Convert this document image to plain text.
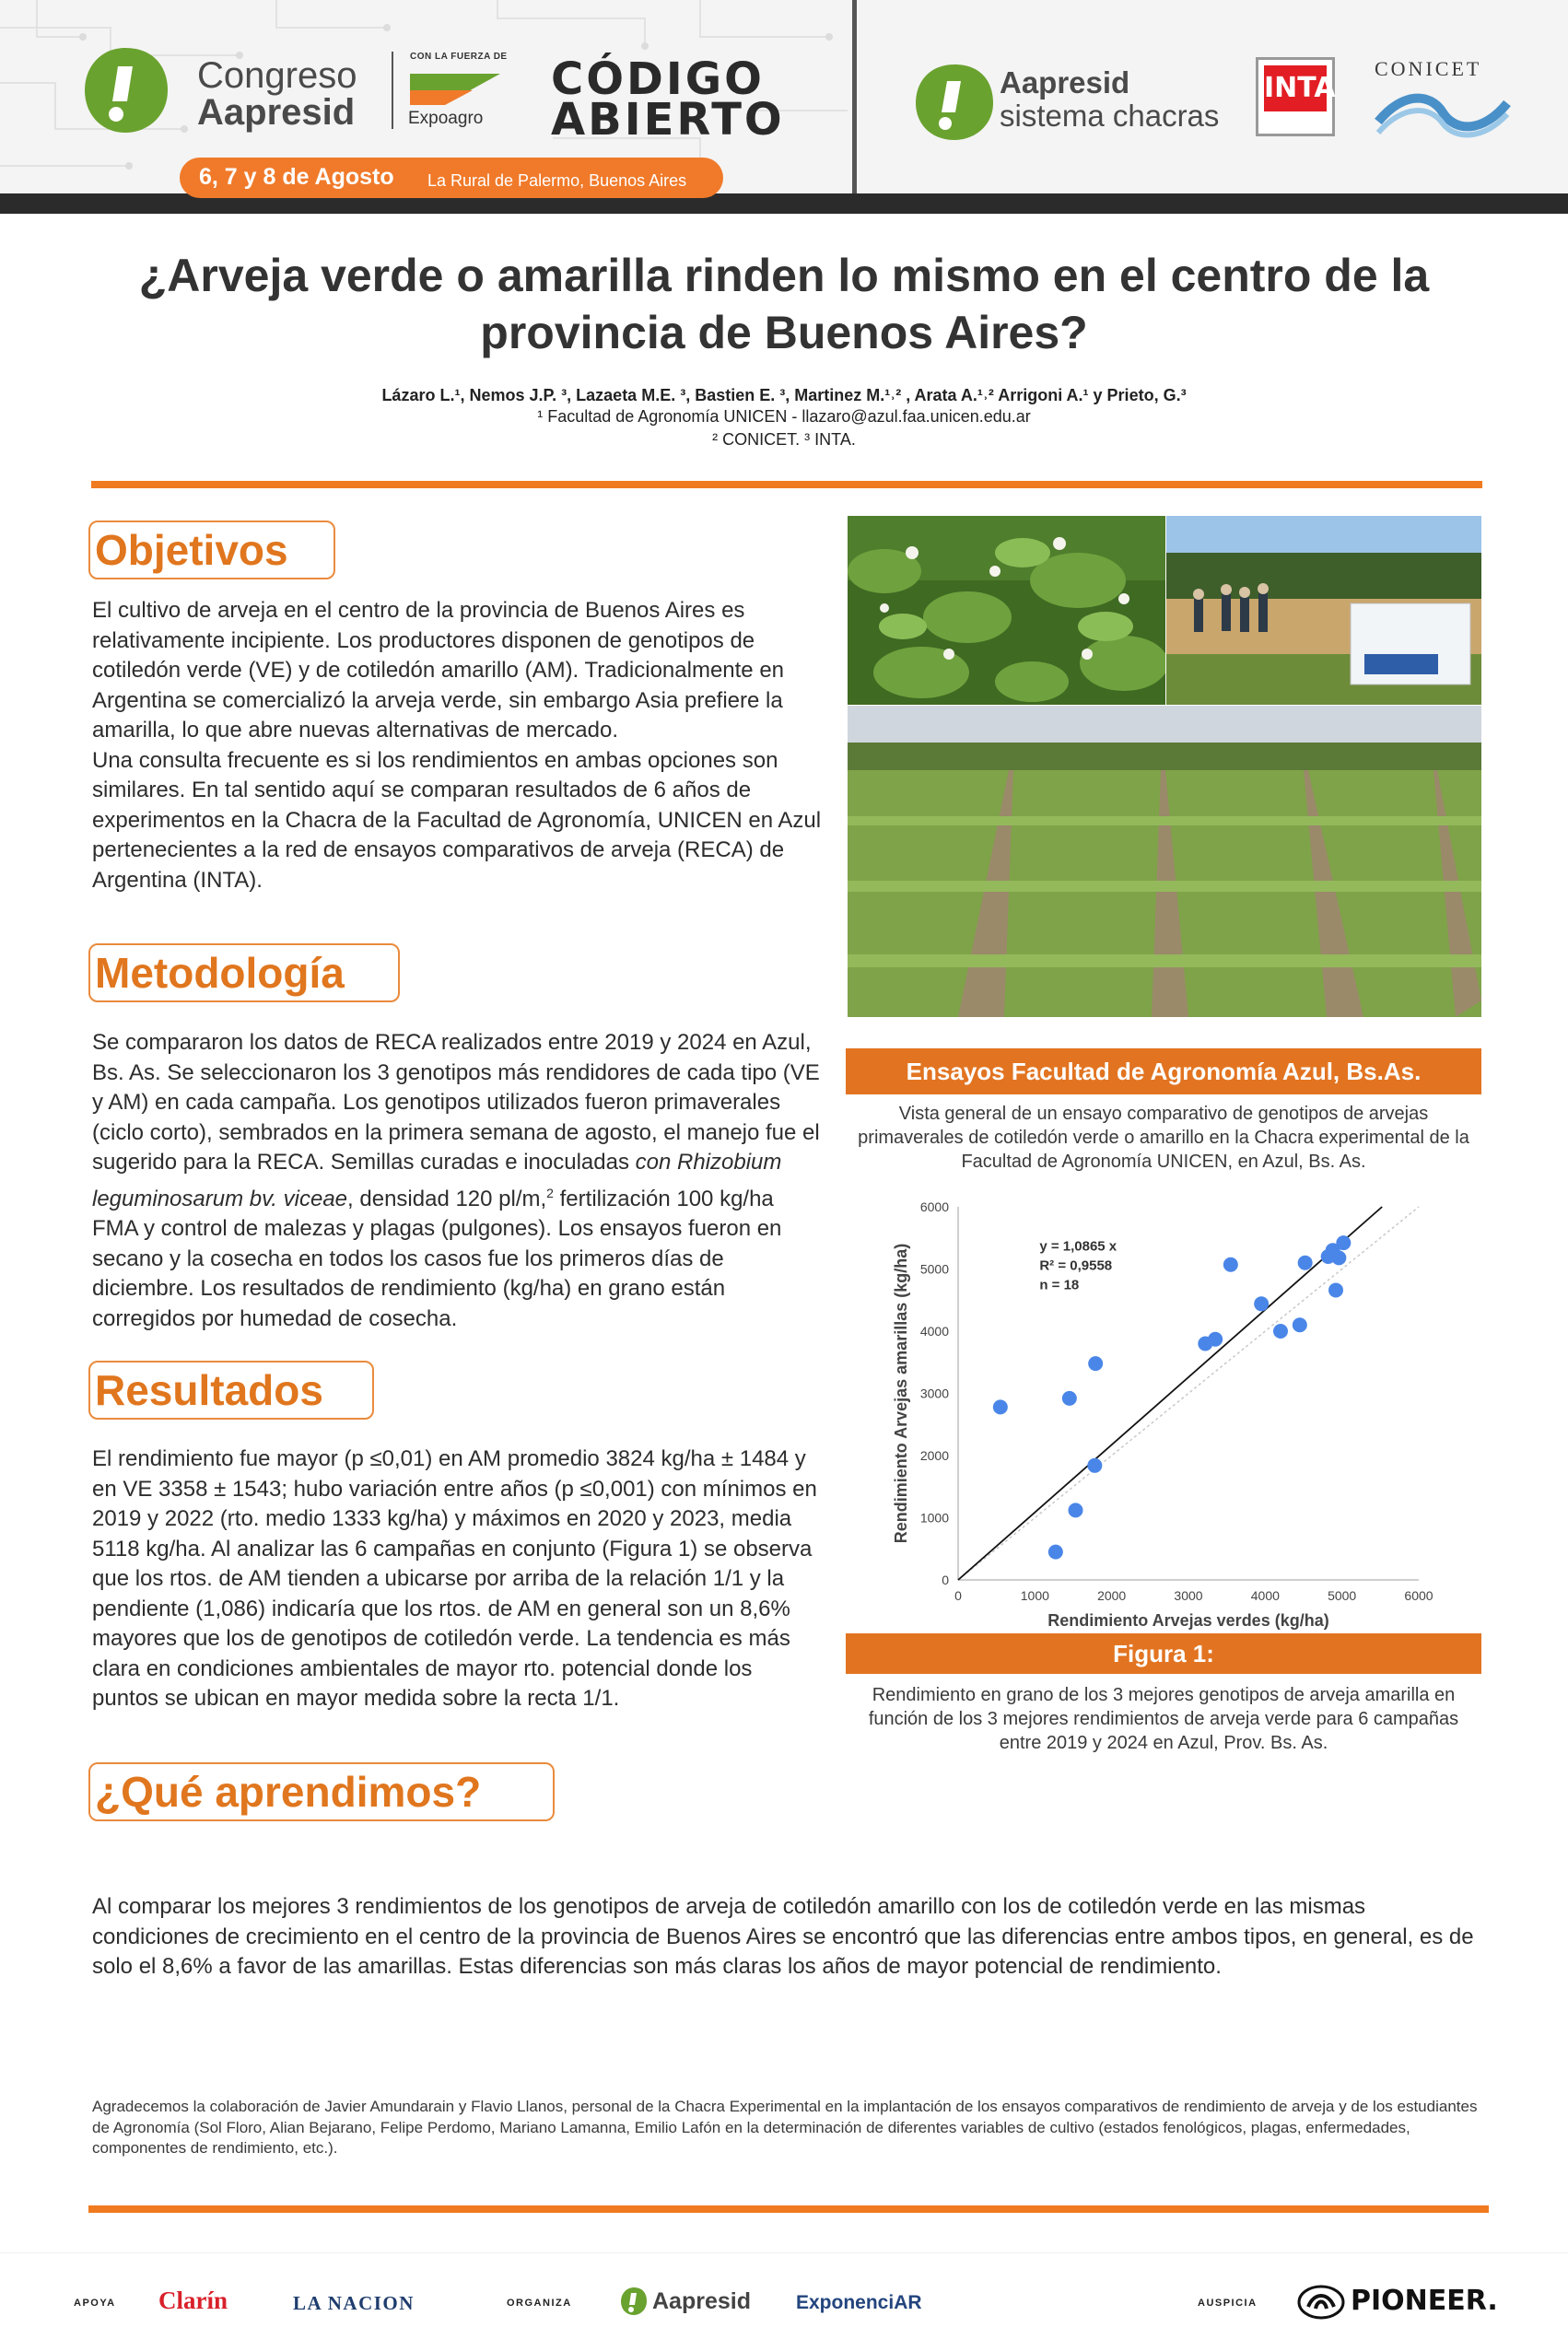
Congreso
Aapresid
CON LA FUERZA DE
Expoagro
CÓDIGO
ABIERTO
6, 7 y 8 de Agosto La Rural de Palermo, Buenos Aires
Aapresid
sistema chacras
INTA
CONICET
¿Arveja verde o amarilla rinden lo mismo en el centro de la
provincia de Buenos Aires?
Lázaro L.¹, Nemos J.P. ³, Lazaeta M.E. ³, Bastien E. ³, Martinez M.¹˒² , Arata A.¹˒² Arrigoni A.¹ y Prieto, G.³
¹ Facultad de Agronomía UNICEN - llazaro@azul.faa.unicen.edu.ar
² CONICET. ³ INTA.
Objetivos
El cultivo de arveja en el centro de la provincia de Buenos Aires es relativamente incipiente. Los productores disponen de genotipos de cotiledón verde (VE) y de cotiledón amarillo (AM). Tradicionalmente en Argentina se comercializó la arveja verde, sin embargo Asia prefiere la amarilla, lo que abre nuevas alternativas de mercado.
Una consulta frecuente es si los rendimientos en ambas opciones son similares. En tal sentido aquí se comparan resultados de 6 años de experimentos en la Chacra de la Facultad de Agronomía, UNICEN en Azul pertenecientes a la red de ensayos comparativos de arveja (RECA) de Argentina (INTA).
Metodología
Se compararon los datos de RECA realizados entre 2019 y 2024 en Azul, Bs. As. Se seleccionaron los 3 genotipos más rendidores de cada tipo (VE y AM) en cada campaña. Los genotipos utilizados fueron primaverales (ciclo corto), sembrados en la primera semana de agosto, el manejo fue el sugerido para la RECA. Semillas curadas e inoculadas con Rhizobium leguminosarum bv. viceae, densidad 120 pl/m,$^2$ fertilización 100 kg/ha FMA y control de malezas y plagas (pulgones). Los ensayos fueron en secano y la cosecha en todos los casos fue los primeros días de diciembre. Los resultados de rendimiento (kg/ha) en grano están corregidos por humedad de cosecha.
Resultados
El rendimiento fue mayor (p ≤0,01) en AM promedio 3824 kg/ha ± 1484 y en VE 3358 ± 1543; hubo variación entre años (p ≤0,001) con mínimos en 2019 y 2022 (rto. medio 1333 kg/ha) y máximos en 2020 y 2023, media 5118 kg/ha. Al analizar las 6 campañas en conjunto (Figura 1) se observa que los rtos. de AM tienden a ubicarse por arriba de la relación 1/1 y la pendiente (1,086) indicaría que los rtos. de AM en general son un 8,6% mayores que los de genotipos de cotiledón verde. La tendencia es más clara en condiciones ambientales de mayor rto. potencial donde los puntos se ubican en mayor medida sobre la recta 1/1.
¿Qué aprendimos?
Al comparar los mejores 3 rendimientos de los genotipos de arveja de cotiledón amarillo con los de cotiledón verde en las mismas condiciones de crecimiento en el centro de la provincia de Buenos Aires se encontró que las diferencias entre ambos tipos, en general, es de solo el 8,6% a favor de las amarillas. Estas diferencias son más claras los años de mayor potencial de rendimiento.
Ensayos Facultad de Agronomía Azul, Bs.As.
Vista general de un ensayo comparativo de genotipos de arvejas primaverales de cotiledón verde o amarillo en la Chacra experimental de la Facultad de Agronomía UNICEN, en Azul, Bs. As.
0	1000	2000	3000	4000	5000	6000
0
1000
2000
3000
4000
5000
6000
y = 1,0865 x
R² = 0,9558
n = 18
Rendimiento Arvejas verdes (kg/ha)
Rendimiento Arvejas amarillas (kg/ha)
Figura 1:
Rendimiento en grano de los 3 mejores genotipos de arveja amarilla en función de los 3 mejores rendimientos de arveja verde para 6 campañas entre 2019 y 2024 en Azul, Prov. Bs. As.
Agradecemos la colaboración de Javier Amundarain y Flavio Llanos, personal de la Chacra Experimental en la implantación de los ensayos comparativos de rendimiento de arveja y de los estudiantes de Agronomía (Sol Floro, Alian Bejarano, Felipe Perdomo, Mariano Lamanna, Emilio Lafón en la determinación de diferentes variables de cultivo (estados fenológicos, plagas, enfermedades, componentes de rendimiento, etc.).
APOYA Clarín	LA NACION	ORGANIZA	Aapresid ExponenciAR	AUSPICIA	PIONEER.
